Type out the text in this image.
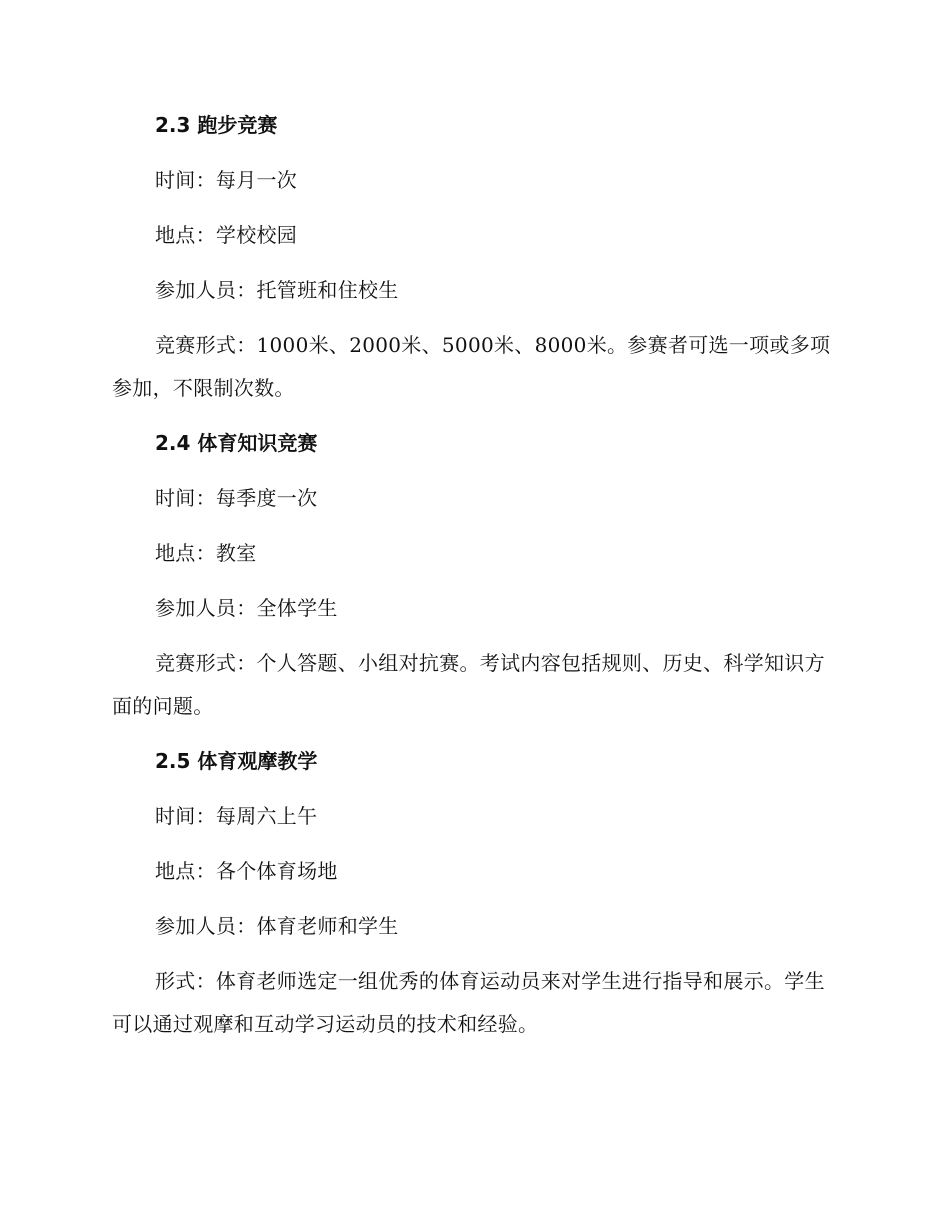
2.3 跑步竞赛
时间：每月一次
地点：学校校园
参加人员：托管班和住校生
竞赛形式：1000米、2000米、5000米、8000米。参赛者可选一项或多项参加，不限制次数。
2.4 体育知识竞赛
时间：每季度一次
地点：教室
参加人员：全体学生
竞赛形式：个人答题、小组对抗赛。考试内容包括规则、历史、科学知识方面的问题。
2.5 体育观摩教学
时间：每周六上午
地点：各个体育场地
参加人员：体育老师和学生
形式：体育老师选定一组优秀的体育运动员来对学生进行指导和展示。学生可以通过观摩和互动学习运动员的技术和经验。
